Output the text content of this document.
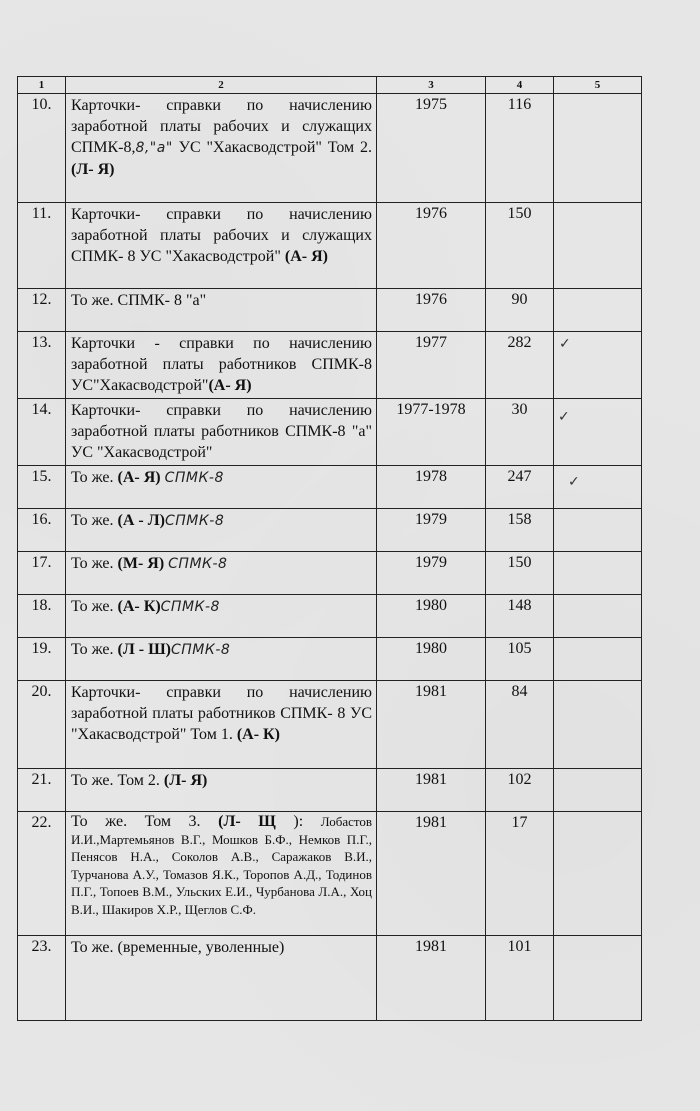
1	2	3	4	5
10.	Карточки- справки по начислению заработной платы рабочих и служащих СПМК-8,8,"а" УС "Хакасводстрой" Том 2. (Л- Я)	1975	116	
11.	Карточки- справки по начислению заработной платы рабочих и служащих СПМК- 8 УС "Хакасводстрой" (А- Я)	1976	150	
12.	То же. СПМК- 8 "а"	1976	90	
13.	Карточки - справки по начислению заработной платы работников СПМК-8 УС"Хакасводстрой"(А- Я)	1977	282	✓

14.	Карточки- справки по начислению заработной платы работников СПМК-8 "а" УС "Хакасводстрой"	1977-1978	30	✓

15.	То же. (А- Я) СПМК-8	1978	247	✓

16.	То же. (А - Л)СПМК-8	1979	158	
17.	То же. (М- Я) СПМК-8	1979	150	
18.	То же. (А- К)СПМК-8	1980	148	
19.	То же. (Л - Ш)СПМК-8	1980	105	
20.	Карточки- справки по начислению заработной платы работников СПМК- 8 УС "Хакасводстрой" Том 1. (А- К)	1981	84	
21.	То же. Том 2. (Л- Я)	1981	102	
22.	То же. Том 3. (Л- Щ ): Лобастов И.И.,Мартемьянов В.Г., Мошков Б.Ф., Немков П.Г., Пенясов Н.А., Соколов А.В., Саражаков В.И., Турчанова А.У., Томазов Я.К., Торопов А.Д., Тодинов П.Г., Топоев В.М., Ульских Е.И., Чурбанова Л.А., Хоц В.И., Шакиров Х.Р., Щеглов С.Ф.	1981	17	
23.	То же. (временные, уволенные)	1981	101	
